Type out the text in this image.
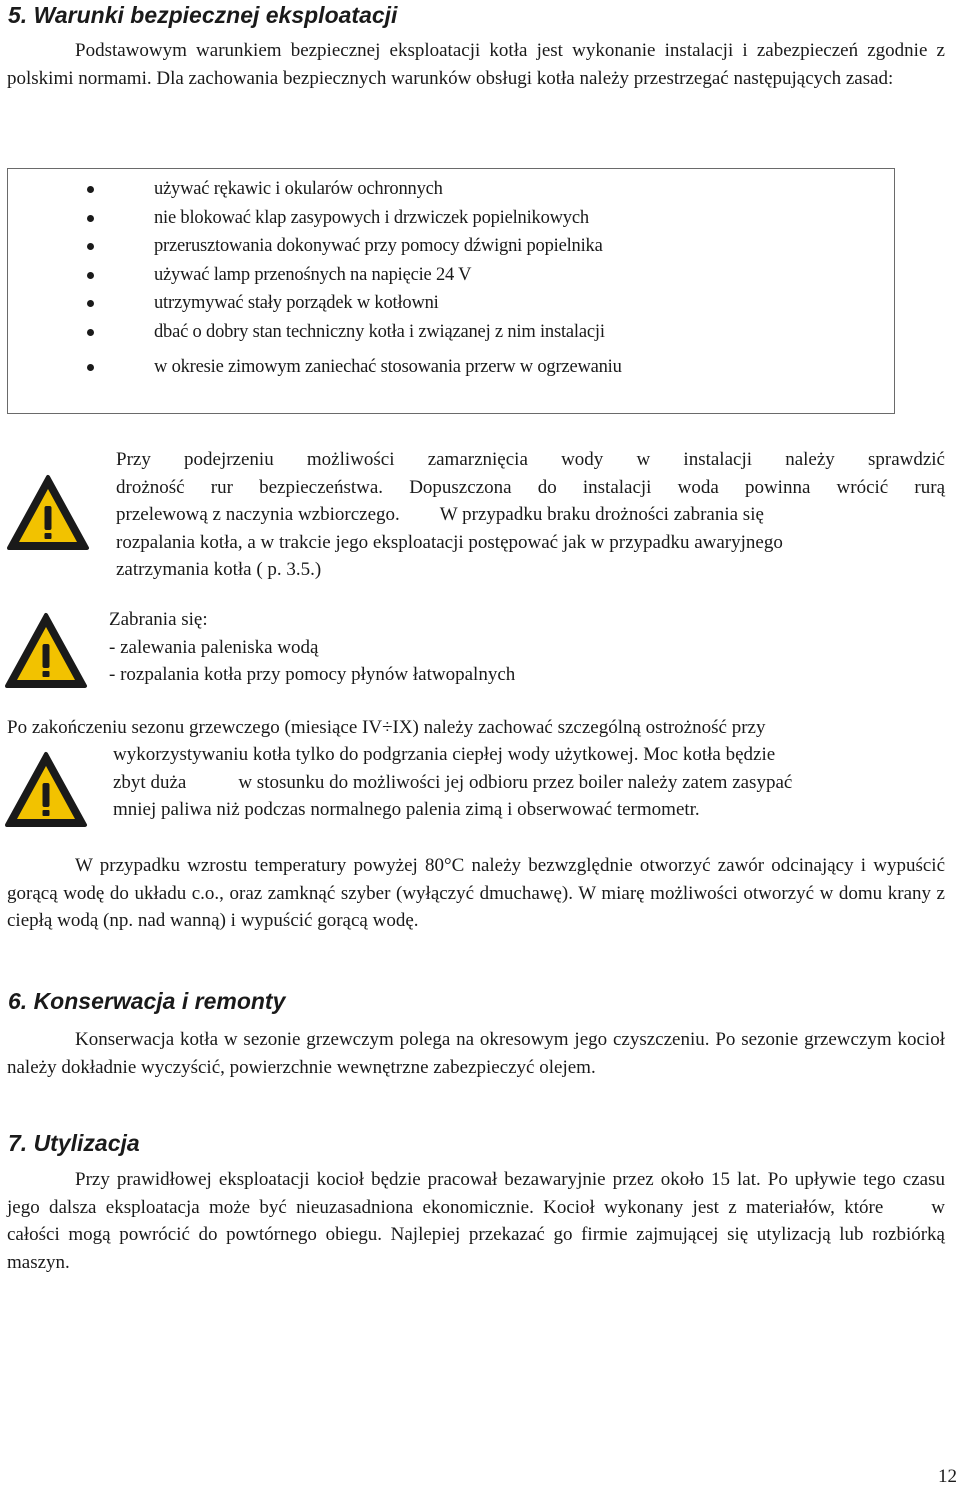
5. Warunki bezpiecznej eksploatacji

Podstawowym warunkiem bezpiecznej eksploatacji kotła jest wykonanie instalacji i zabezpieczeń zgodnie z polskimi normami. Dla zachowania bezpiecznych warunków obsługi kotła należy przestrzegać następujących zasad:

używać rękawic i okularów ochronnych
nie blokować klap zasypowych i drzwiczek popielnikowych
przerusztowania dokonywać przy pomocy dźwigni popielnika
używać lamp przenośnych na napięcie 24 V
utrzymywać stały porządek w kotłowni
dbać o dobry stan techniczny kotła i związanej z nim instalacji
w okresie zimowym zaniechać stosowania przerw w ogrzewaniu
Przy podejrzeniu możliwości zamarznięcia wody w instalacji należy sprawdzić
drożność rur bezpieczeństwa. Dopuszczona do instalacji woda powinna wrócić rurą
przelewową z naczynia wzbiorczego. W przypadku braku drożności zabrania się
rozpalania kotła, a w trakcie jego eksploatacji postępować jak w przypadku awaryjnego
zatrzymania kotła ( p. 3.5.)
Zabrania się:
- zalewania paleniska wodą
- rozpalania kotła przy pomocy płynów łatwopalnych
Po zakończeniu sezonu grzewczego (miesiące IV÷IX) należy zachować szczególną ostrożność przy
wykorzystywaniu kotła tylko do podgrzania ciepłej wody użytkowej. Moc kotła będzie
zbyt duża	w stosunku do możliwości jej odbioru przez boiler należy zatem zasypać
mniej paliwa niż podczas normalnego palenia zimą i obserwować termometr.

W przypadku wzrostu temperatury powyżej 80°C należy bezwzględnie otworzyć zawór odcinający i wypuścić gorącą wodę do układu c.o., oraz zamknąć szyber (wyłączyć dmuchawę). W miarę możliwości otworzyć w domu krany z ciepłą wodą (np. nad wanną) i wypuścić gorącą wodę.

6. Konserwacja i remonty

Konserwacja kotła w sezonie grzewczym polega na okresowym jego czyszczeniu. Po sezonie grzewczym kocioł należy dokładnie wyczyścić, powierzchnie wewnętrzne zabezpieczyć olejem.

7. Utylizacja

Przy prawidłowej eksploatacji kocioł będzie pracował bezawaryjnie przez około 15 lat. Po upływie tego czasu jego dalsza eksploatacja może być nieuzasadniona ekonomicznie. Kocioł wykonany jest z materiałów, które	w całości mogą powrócić do powtórnego obiegu. Najlepiej przekazać go firmie zajmującej się utylizacją lub rozbiórką maszyn.

12
